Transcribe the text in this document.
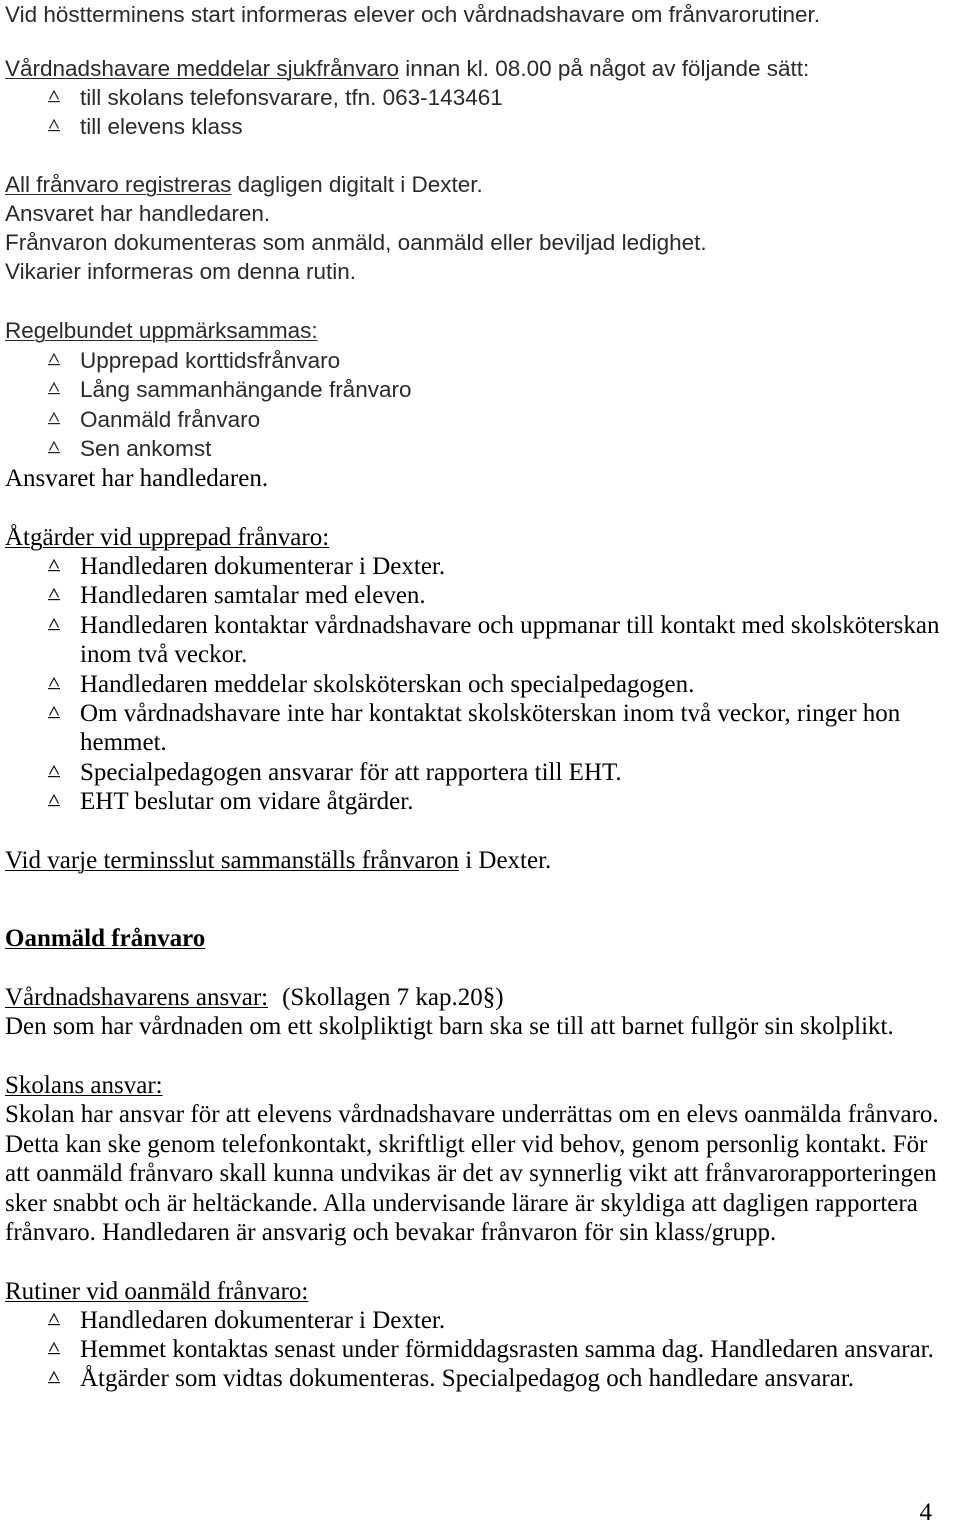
Vid höstterminens start informeras elever och vårdnadshavare om frånvarorutiner.
Vårdnadshavare meddelar sjukfrånvaro innan kl. 08.00 på något av följande sätt:
till skolans telefonsvarare, tfn. 063-143461
till elevens klass
All frånvaro registreras dagligen digitalt i Dexter.
Ansvaret har handledaren.
Frånvaron dokumenteras som anmäld, oanmäld eller beviljad ledighet.
Vikarier informeras om denna rutin.
Regelbundet uppmärksammas:
Upprepad korttidsfrånvaro
Lång sammanhängande frånvaro
Oanmäld frånvaro
Sen ankomst
Ansvaret har handledaren.
Åtgärder vid upprepad frånvaro:
Handledaren dokumenterar i Dexter.
Handledaren samtalar med eleven.
Handledaren kontaktar vårdnadshavare och uppmanar till kontakt med skolsköterskan
inom två veckor.
Handledaren meddelar skolsköterskan och specialpedagogen.
Om vårdnadshavare inte har kontaktat skolsköterskan inom två veckor, ringer hon
hemmet.
Specialpedagogen ansvarar för att rapportera till EHT.
EHT beslutar om vidare åtgärder.
Vid varje terminsslut sammanställs frånvaron i Dexter.
Oanmäld frånvaro
Vårdnadshavarens ansvar: (Skollagen 7 kap.20§)
Den som har vårdnaden om ett skolpliktigt barn ska se till att barnet fullgör sin skolplikt.
Skolans ansvar:
Skolan har ansvar för att elevens vårdnadshavare underrättas om en elevs oanmälda frånvaro.
Detta kan ske genom telefonkontakt, skriftligt eller vid behov, genom personlig kontakt. För
att oanmäld frånvaro skall kunna undvikas är det av synnerlig vikt att frånvarorapporteringen
sker snabbt och är heltäckande. Alla undervisande lärare är skyldiga att dagligen rapportera
frånvaro. Handledaren är ansvarig och bevakar frånvaron för sin klass/grupp.
Rutiner vid oanmäld frånvaro:
Handledaren dokumenterar i Dexter.
Hemmet kontaktas senast under förmiddagsrasten samma dag. Handledaren ansvarar.
Åtgärder som vidtas dokumenteras. Specialpedagog och handledare ansvarar.
4
